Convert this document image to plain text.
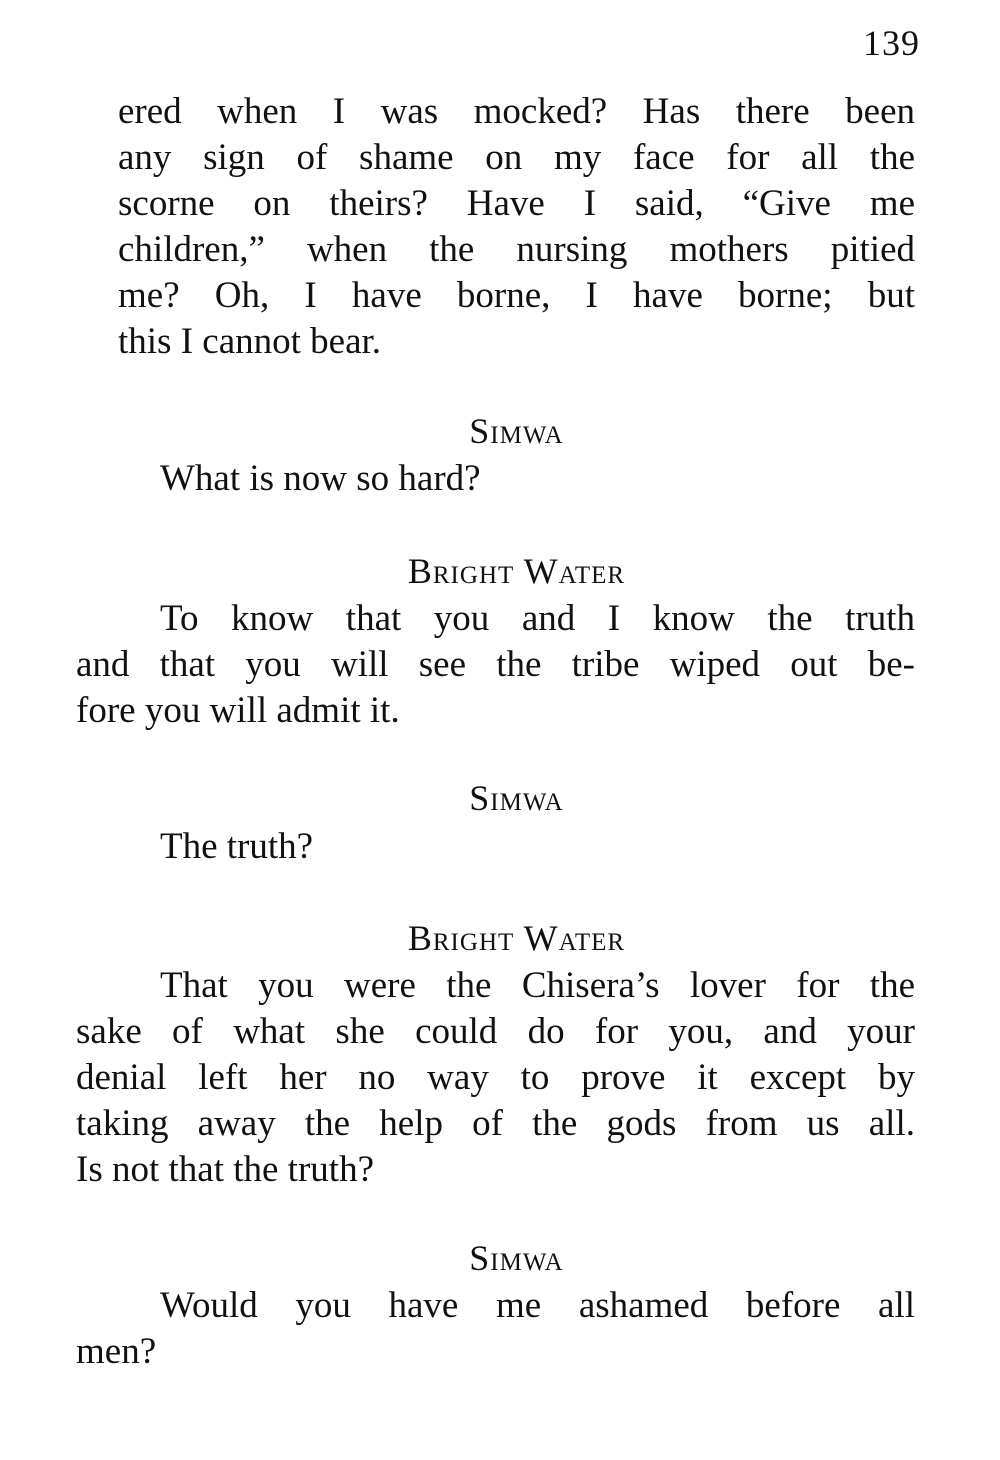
139
ered when I was mocked? Has there been
any sign of shame on my face for all the
scorne on theirs? Have I said, “Give me
children,” when the nursing mothers pitied
me? Oh, I have borne, I have borne; but
this I cannot bear.
Simwa
What is now so hard?
Bright Water
To know that you and I know the truth
and that you will see the tribe wiped out be-
fore you will admit it.
Simwa
The truth?
Bright Water
That you were the Chisera’s lover for the
sake of what she could do for you, and your
denial left her no way to prove it except by
taking away the help of the gods from us all.
Is not that the truth?
Simwa
Would you have me ashamed before all
men?
